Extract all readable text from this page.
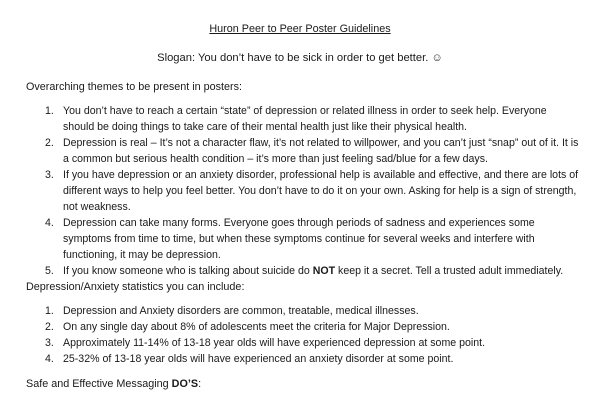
Huron Peer to Peer Poster Guidelines
Slogan: You don’t have to be sick in order to get better. ☺
Overarching themes to be present in posters:
1. You don’t have to reach a certain “state” of depression or related illness in order to seek help. Everyone should be doing things to take care of their mental health just like their physical health.
2. Depression is real – It’s not a character flaw, it’s not related to willpower, and you can’t just “snap” out of it. It is a common but serious health condition – it’s more than just feeling sad/blue for a few days.
3. If you have depression or an anxiety disorder, professional help is available and effective, and there are lots of different ways to help you feel better. You don’t have to do it on your own. Asking for help is a sign of strength, not weakness.
4. Depression can take many forms. Everyone goes through periods of sadness and experiences some symptoms from time to time, but when these symptoms continue for several weeks and interfere with functioning, it may be depression.
5. If you know someone who is talking about suicide do NOT keep it a secret. Tell a trusted adult immediately.
Depression/Anxiety statistics you can include:
1. Depression and Anxiety disorders are common, treatable, medical illnesses.
2. On any single day about 8% of adolescents meet the criteria for Major Depression.
3. Approximately 11-14% of 13-18 year olds will have experienced depression at some point.
4. 25-32% of 13-18 year olds will have experienced an anxiety disorder at some point.
Safe and Effective Messaging DO’S:
